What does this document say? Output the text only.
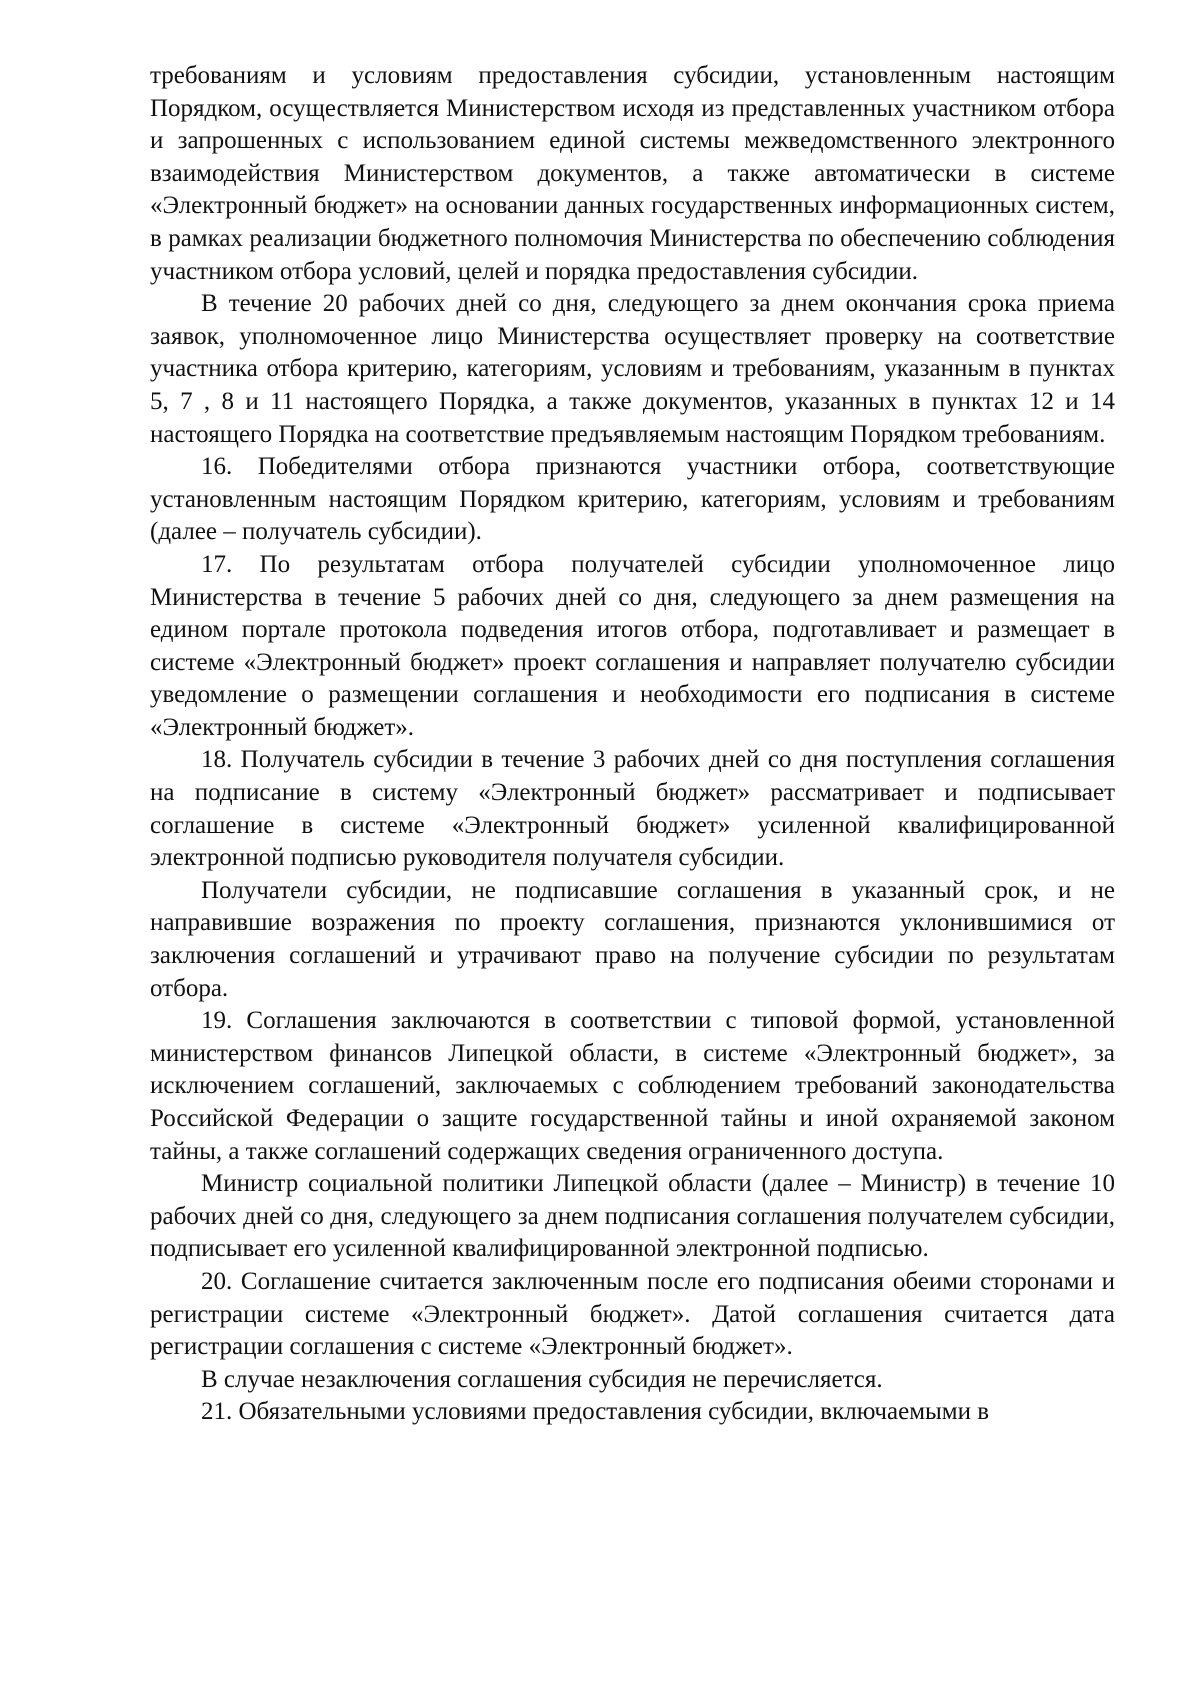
требованиям и условиям предоставления субсидии, установленным настоящим Порядком, осуществляется Министерством исходя из представленных участником отбора и запрошенных с использованием единой системы межведомственного электронного взаимодействия Министерством документов, а также автоматически в системе «Электронный бюджет» на основании данных государственных информационных систем, в рамках реализации бюджетного полномочия Министерства по обеспечению соблюдения участником отбора условий, целей и порядка предоставления субсидии.

В течение 20 рабочих дней со дня, следующего за днем окончания срока приема заявок, уполномоченное лицо Министерства осуществляет проверку на соответствие участника отбора критерию, категориям, условиям и требованиям, указанным в пунктах 5, 7 , 8 и 11 настоящего Порядка, а также документов, указанных в пунктах 12 и 14 настоящего Порядка на соответствие предъявляемым настоящим Порядком требованиям.

16. Победителями отбора признаются участники отбора, соответствующие установленным настоящим Порядком критерию, категориям, условиям и требованиям (далее – получатель субсидии).

17. По результатам отбора получателей субсидии уполномоченное лицо Министерства в течение 5 рабочих дней со дня, следующего за днем размещения на едином портале протокола подведения итогов отбора, подготавливает и размещает в системе «Электронный бюджет» проект соглашения и направляет получателю субсидии уведомление о размещении соглашения и необходимости его подписания в системе «Электронный бюджет».

18. Получатель субсидии в течение 3 рабочих дней со дня поступления соглашения на подписание в систему «Электронный бюджет» рассматривает и подписывает соглашение в системе «Электронный бюджет» усиленной квалифицированной электронной подписью руководителя получателя субсидии.

Получатели субсидии, не подписавшие соглашения в указанный срок, и не направившие возражения по проекту соглашения, признаются уклонившимися от заключения соглашений и утрачивают право на получение субсидии по результатам отбора.

19. Соглашения заключаются в соответствии с типовой формой, установленной министерством финансов Липецкой области, в системе «Электронный бюджет», за исключением соглашений, заключаемых с соблюдением требований законодательства Российской Федерации о защите государственной тайны и иной охраняемой законом тайны, а также соглашений содержащих сведения ограниченного доступа.

Министр социальной политики Липецкой области (далее – Министр) в течение 10 рабочих дней со дня, следующего за днем подписания соглашения получателем субсидии, подписывает его усиленной квалифицированной электронной подписью.

20. Соглашение считается заключенным после его подписания обеими сторонами и регистрации системе «Электронный бюджет». Датой соглашения считается дата регистрации соглашения с системе «Электронный бюджет».

В случае незаключения соглашения субсидия не перечисляется.

21. Обязательными условиями предоставления субсидии, включаемыми в
